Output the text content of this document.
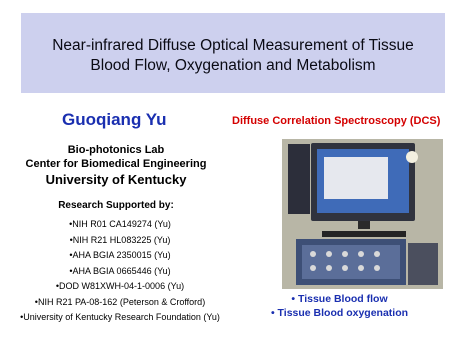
Near-infrared Diffuse Optical Measurement of Tissue
Blood Flow, Oxygenation and Metabolism
Guoqiang Yu	Diffuse Correlation Spectroscopy (DCS)
Bio-photonics Lab
Center for Biomedical Engineering
University of Kentucky
Research Supported by:
•NIH R01 CA149274 (Yu)
•NIH R21 HL083225 (Yu)
•AHA BGIA 2350015 (Yu)
•AHA BGIA 0665446 (Yu)
•DOD W81XWH-04-1-0006 (Yu)
•NIH R21 PA-08-162 (Peterson & Crofford)
•University of Kentucky Research Foundation (Yu)
• Tissue Blood flow
• Tissue Blood oxygenation
